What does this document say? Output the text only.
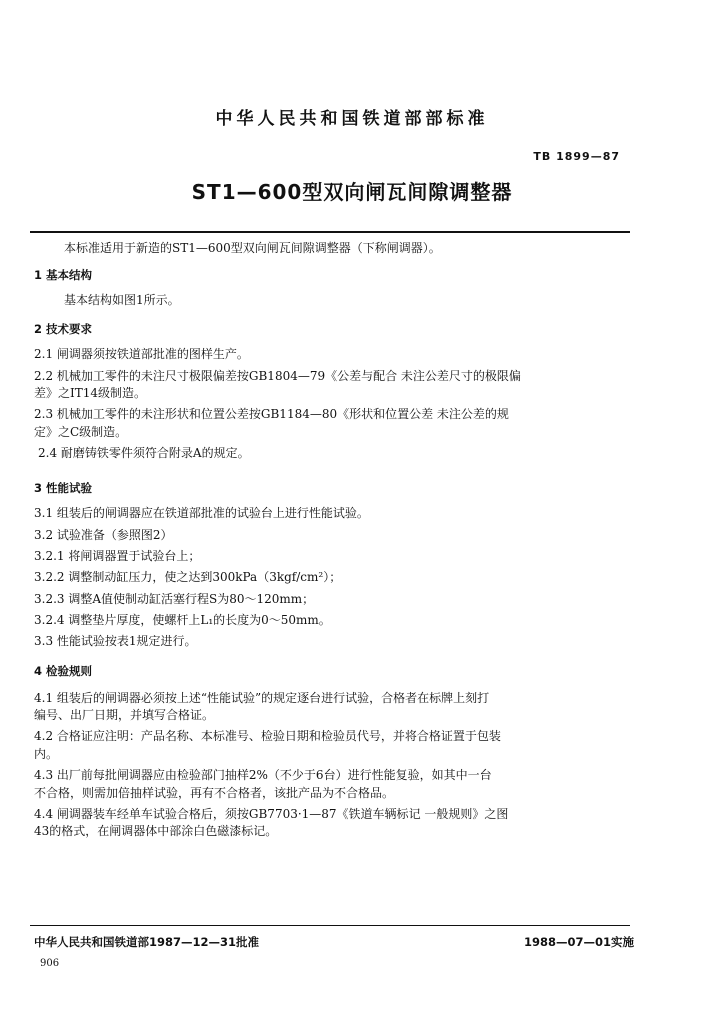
中华人民共和国铁道部部标准
TB 1899—87
ST1—600型双向闸瓦间隙调整器

本标准适用于新造的ST1—600型双向闸瓦间隙调整器（下称闸调器）。

1 基本结构

基本结构如图1所示。

2 技术要求

2.1 闸调器须按铁道部批准的图样生产。

2.2 机械加工零件的未注尺寸极限偏差按GB1804—79《公差与配合 未注公差尺寸的极限偏

差》之IT14级制造。

2.3 机械加工零件的未注形状和位置公差按GB1184—80《形状和位置公差 未注公差的规

定》之C级制造。

2.4 耐磨铸铁零件须符合附录A的规定。

3 性能试验

3.1 组装后的闸调器应在铁道部批准的试验台上进行性能试验。

3.2 试验准备（参照图2）

3.2.1 将闸调器置于试验台上；

3.2.2 调整制动缸压力，使之达到300kPa（3kgf/cm²）；

3.2.3 调整A值使制动缸活塞行程S为80～120mm；

3.2.4 调整垫片厚度，使螺杆上L₁的长度为0～50mm。

3.3 性能试验按表1规定进行。

4 检验规则

4.1 组装后的闸调器必须按上述“性能试验”的规定逐台进行试验，合格者在标牌上刻打

编号、出厂日期，并填写合格证。

4.2 合格证应注明：产品名称、本标准号、检验日期和检验员代号，并将合格证置于包装

内。

4.3 出厂前每批闸调器应由检验部门抽样2%（不少于6台）进行性能复验，如其中一台

不合格，则需加倍抽样试验，再有不合格者，该批产品为不合格品。

4.4 闸调器装车经单车试验合格后，须按GB7703·1—87《铁道车辆标记 一般规则》之图

43的格式，在闸调器体中部涂白色磁漆标记。

中华人民共和国铁道部1987—12—31批准	1988—07—01实施
906
